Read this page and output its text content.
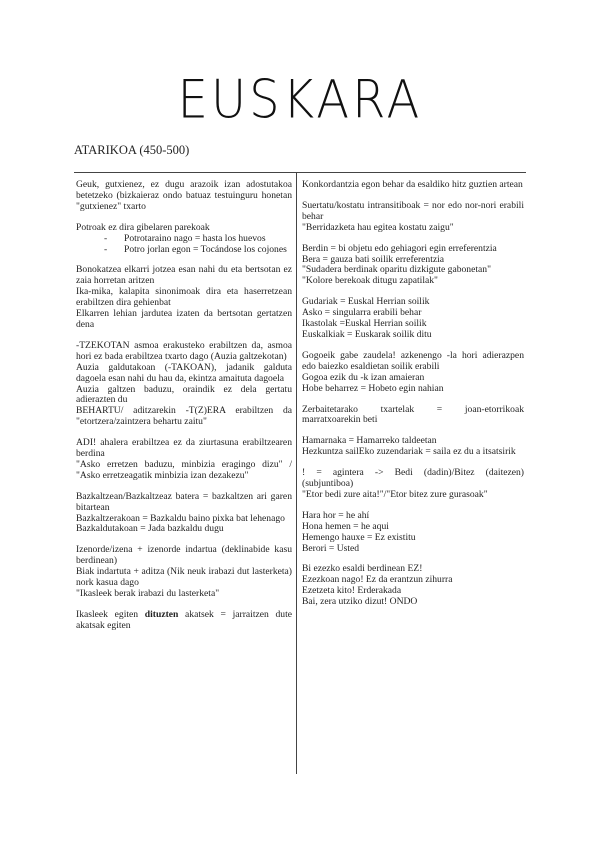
EUSKARA
ATARIKOA (450-500)

Geuk, gutxienez, ez dugu arazoik izan adostutakoa betetzeko (bizkaieraz ondo batuaz testuinguru honetan "gutxienez" txarto

Potroak ez dira gibelaren parekoak

- Potrotaraino nago = hasta los huevos
- Potro jorlan egon = Tocándose los cojones

Bonokatzea elkarri jotzea esan nahi du eta bertsotan ez zaia horretan aritzen

Ika-mika, kalapita sinonimoak dira eta haserretzean erabiltzen dira gehienbat

Elkarren lehian jarduteа izaten da bertsotan gertatzen dena

-TZEKOTAN asmoa erakusteko erabiltzen da, asmoa hori ez bada erabiltzea txarto dago (Auzia galtzekotan)

Auzia galdutakoan (-TAKOAN), jadanik galduta dagoela esan nahi du hau da, ekintza amaituta dagoela

Auzia galtzen baduzu, oraindik ez dela gertatu adierazten du

BEHARTU/ aditzarekin -T(Z)ERA erabiltzen da "etortzera/zaintzera behartu zaitu"

ADI! ahalera erabiltzea ez da ziurtasuna erabiltzearen berdina

"Asko erretzen baduzu, minbizia eragingo dizu" / "Asko erretzeagatik minbizia izan dezakezu"

Bazkaltzean/Bazkaltzeaz batera = bazkaltzen ari garen bitartean

Bazkaltzerakoan = Bazkaldu baino pixka bat lehenago

Bazkaldutakoan = Jada bazkaldu dugu

Izenorde/izena + izenorde indartua (deklinabide kasu berdinean)

Biak indartuta + aditza (Nik neuk irabazi dut lasterketa) nork kasua dago

"Ikasleek berak irabazi du lasterketa"

Ikasleek egiten dituzten akatsek = jarraitzen dute akatsak egiten

Konkordantzia egon behar da esaldiko hitz guztien artean

Suertatu/kostatu intransitiboak = nor edo nor-nori erabili behar

"Berridazketa hau egitea kostatu zaigu"

Berdin = bi objetu edo gehiagori egin erreferentzia

Bera = gauza bati soilik erreferentzia

"Sudadera berdinak oparitu dizkigute gabonetan"

"Kolore berekoak ditugu zapatilak"

Gudariak = Euskal Herrian soilik

Asko = singularra erabili behar

Ikastolak =Euskal Herrian soilik

Euskalkiak = Euskarak soilik ditu

Gogoeik gabe zaudela! azkenengo -la hori adierazpen edo baiezko esaldietan soilik erabili

Gogoa ezik du -k izan amaieran

Hobe beharrez = Hobeto egin nahian

Zerbaitetarako txartelak = joan-etorrikoak marratxoarekin beti

Hamarnaka = Hamarreko taldeetan

Hezkuntza sailEko zuzendariak = saila ez du a itsatsirik

! = agintera -> Bedi (dadin)/Bitez (daitezen) (subjuntiboa)

"Etor bedi zure aita!"/"Etor bitez zure gurasoak"

Hara hor = he ahí

Hona hemen = he aqui

Hemengo hauxe = Ez existitu

Berori = Usted

Bi ezezko esaldi berdinean EZ!

Ezezkoan nago! Ez da erantzun zihurra

Ezetzeta kito! Erderakada

Bai, zera utziko dizut! ONDO
